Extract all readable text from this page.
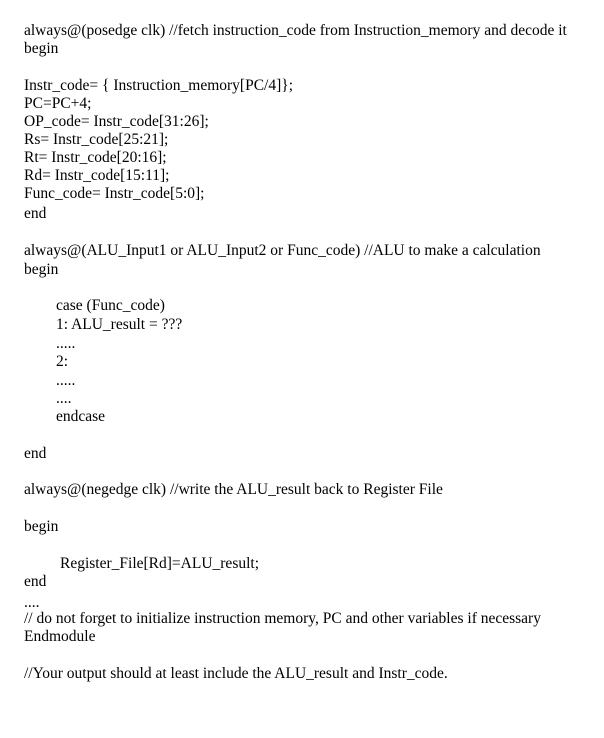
always@(posedge clk) //fetch instruction_code from Instruction_memory and decode it
begin
Instr_code= { Instruction_memory[PC/4]};
PC=PC+4;
OP_code= Instr_code[31:26];
Rs= Instr_code[25:21];
Rt= Instr_code[20:16];
Rd= Instr_code[15:11];
Func_code= Instr_code[5:0];
end
always@(ALU_Input1 or ALU_Input2 or Func_code) //ALU to make a calculation
begin
case (Func_code)
1: ALU_result = ???
.....
2:
.....
....
endcase
end
always@(negedge clk) //write the ALU_result back to Register File
begin
Register_File[Rd]=ALU_result;
end
....
// do not forget to initialize instruction memory, PC and other variables if necessary
Endmodule
//Your output should at least include the ALU_result and Instr_code.
